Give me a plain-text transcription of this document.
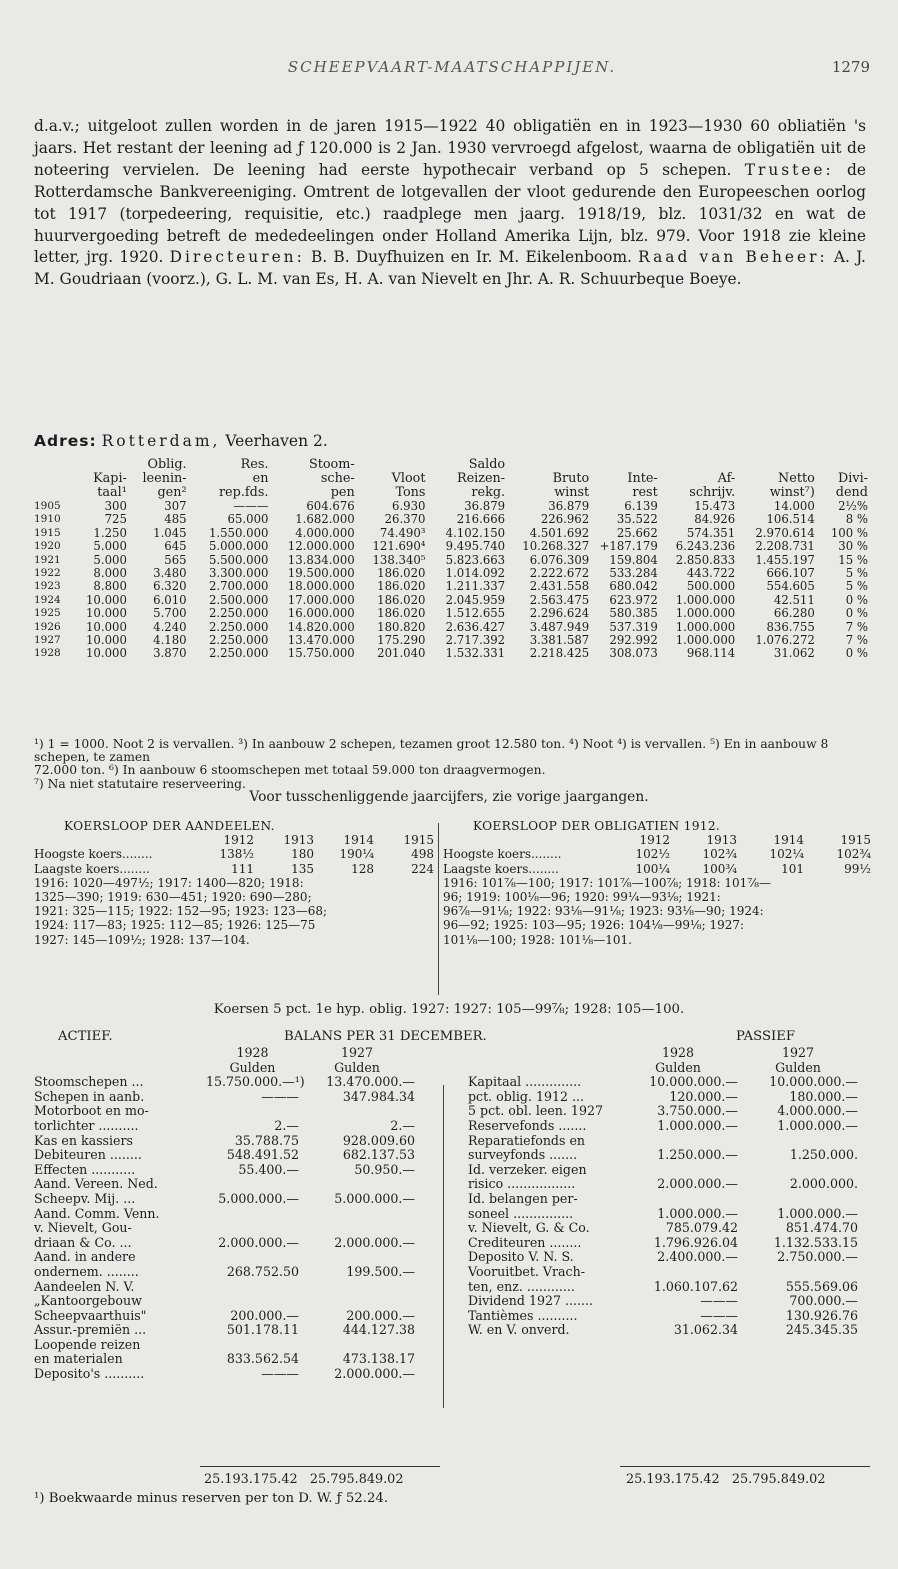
SCHEEPVAART-MAATSCHAPPIJEN.	1279

d.a.v.; uitgeloot zullen worden in de jaren 1915—1922 40 obligatiën en in 1923—1930 60 obliatiën 's jaars. Het restant der leening ad ƒ 120.000 is 2 Jan. 1930 vervroegd afgelost, waarna de obligatiën uit de noteering vervielen. De leening had eerste hypothecair verband op 5 schepen. Trustee: de Rotterdamsche Bankvereeniging. Omtrent de lotgevallen der vloot gedurende den Europeeschen oorlog tot 1917 (torpedeering, requisitie, etc.) raadplege men jaarg. 1918/19, blz. 1031/32 en wat de huurvergoeding betreft de mededeelingen onder Holland Amerika Lijn, blz. 979. Voor 1918 zie kleine letter, jrg. 1920. Directeuren: B. B. Duyfhuizen en Ir. M. Eikelenboom. Raad van Beheer: A. J. M. Goudriaan (voorz.), G. L. M. van Es, H. A. van Nievelt en Jhr. A. R. Schuurbeque Boeye.

Adres: Rotterdam, Veerhaven 2.
		Oblig.	Res.	Stoom-		Saldo					
	Kapi-	leenin-	en	sche-	Vloot	Reizen-	Bruto	Inte-	Af-	Netto	Divi-
	taal¹	gen²	rep.fds.	pen	Tons	rekg.	winst	rest	schrijv.	winst⁷)	dend
1905	300	307	———	604.676	6.930	36.879	36.879	6.139	15.473	14.000	2½%
1910	725	485	65.000	1.682.000	26.370	216.666	226.962	35.522	84.926	106.514	8 %
1915	1.250	1.045	1.550.000	4.000.000	74.490³	4.102.150	4.501.692	25.662	574.351	2.970.614	100 %
1920	5.000	645	5.000.000	12.000.000	121.690⁴	9.495.740	10.268.327	+187.179	6.243.236	2.208.731	30 %
1921	5.000	565	5.500.000	13.834.000	138.340⁵	5.823.663	6.076.309	159.804	2.850.833	1.455.197	15 %
1922	8.000	3.480	3.300.000	19.500.000	186.020	1.014.092	2.222.672	533.284	443.722	666.107	5 %
1923	8.800	6.320	2.700.000	18.000.000	186.020	1.211.337	2.431.558	680.042	500.000	554.605	5 %
1924	10.000	6.010	2.500.000	17.000.000	186.020	2.045.959	2.563.475	623.972	1.000.000	42.511	0 %
1925	10.000	5.700	2.250.000	16.000.000	186.020	1.512.655	2.296.624	580.385	1.000.000	66.280	0 %
1926	10.000	4.240	2.250.000	14.820.000	180.820	2.636.427	3.487.949	537.319	1.000.000	836.755	7 %
1927	10.000	4.180	2.250.000	13.470.000	175.290	2.717.392	3.381.587	292.992	1.000.000	1.076.272	7 %
1928	10.000	3.870	2.250.000	15.750.000	201.040	1.532.331	2.218.425	308.073	968.114	31.062	0 %

¹) 1 = 1000. Noot 2 is vervallen. ³) In aanbouw 2 schepen, tezamen groot 12.580 ton. ⁴) Noot ⁴) is vervallen. ⁵) En in aanbouw 8 schepen, te zamen

72.000 ton. ⁶) In aanbouw 6 stoomschepen met totaal 59.000 ton draagvermogen.

⁷) Na niet statutaire reserveering.

Voor tusschenliggende jaarcijfers, zie vorige jaargangen.
KOERSLOOP DER AANDEELEN.
1912	1913	1914	1915
Hoogste koers........	138½	180	190¼	498
Laagste koers........	111	135	128	224
1916: 1020—497½; 1917: 1400—820; 1918:
1325—390; 1919: 630—451; 1920: 690—280;
1921: 325—115; 1922: 152—95; 1923: 123—68;
1924: 117—83; 1925: 112—85; 1926: 125—75
1927: 145—109½; 1928: 137—104.
KOERSLOOP DER OBLIGATIEN 1912.
1912	1913	1914	1915
Hoogste koers........	102½	102¾	102¼	102¾
Laagste koers........	100¼	100¾	101	99½
1916: 101⅞—100; 1917: 101⅞—100⅞; 1918: 101⅞—
96; 1919: 100⅛—96; 1920: 99¼—93⅛; 1921:
96⅞—91⅛; 1922: 93⅛—91⅛; 1923: 93⅛—90; 1924:
96—92; 1925: 103—95; 1926: 104⅛—99⅛; 1927:
101⅛—100; 1928: 101⅛—101.
Koersen 5 pct. 1e hyp. oblig. 1927: 1927: 105—99⅞; 1928: 105—100.
ACTIEF.	BALANS PER 31 DECEMBER.	PASSIEF
1928	1927
Gulden	Gulden
Stoomschepen ...	15.750.000.—¹)	13.470.000.—
Schepen in aanb.	———	347.984.34
Motorboot en mo-
torlichter ..........	2.—	2.—
Kas en kassiers	35.788.75	928.009.60
Debiteuren ........	548.491.52	682.137.53
Effecten ...........	55.400.—	50.950.—
Aand. Vereen. Ned.
Scheepv. Mij. ...	5.000.000.—	5.000.000.—
Aand. Comm. Venn.
v. Nievelt, Gou-
driaan & Co. ...	2.000.000.—	2.000.000.—
Aand. in andere
ondernem. ........	268.752.50	199.500.—
Aandeelen N. V.
„Kantoorgebouw
Scheepvaarthuis"	200.000.—	200.000.—
Assur.-premiën ...	501.178.11	444.127.38
Loopende reizen
en materialen	833.562.54	473.138.17
Deposito's ..........	———	2.000.000.—
1928	1927
Gulden	Gulden
Kapitaal ..............	10.000.000.—	10.000.000.—
pct. oblig. 1912 ...	120.000.—	180.000.—
5 pct. obl. leen. 1927	3.750.000.—	4.000.000.—
Reservefonds .......	1.000.000.—	1.000.000.—
Reparatiefonds en
surveyfonds .......	1.250.000.—	1.250.000.
Id. verzeker. eigen
risico .................	2.000.000.—	2.000.000.
Id. belangen per-
soneel ...............	1.000.000.—	1.000.000.—
v. Nievelt, G. & Co.	785.079.42	851.474.70
Crediteuren ........	1.796.926.04	1.132.533.15
Deposito V. N. S.	2.400.000.—	2.750.000.—
Vooruitbet. Vrach-
ten, enz. ............	1.060.107.62	555.569.06
Dividend 1927 .......	———	700.000.—
Tantièmes ..........	———	130.926.76
W. en V. onverd.	31.062.34	245.345.35
25.193.175.42 25.795.849.02	25.193.175.42 25.795.849.02
¹) Boekwaarde minus reserven per ton D. W. ƒ 52.24.
